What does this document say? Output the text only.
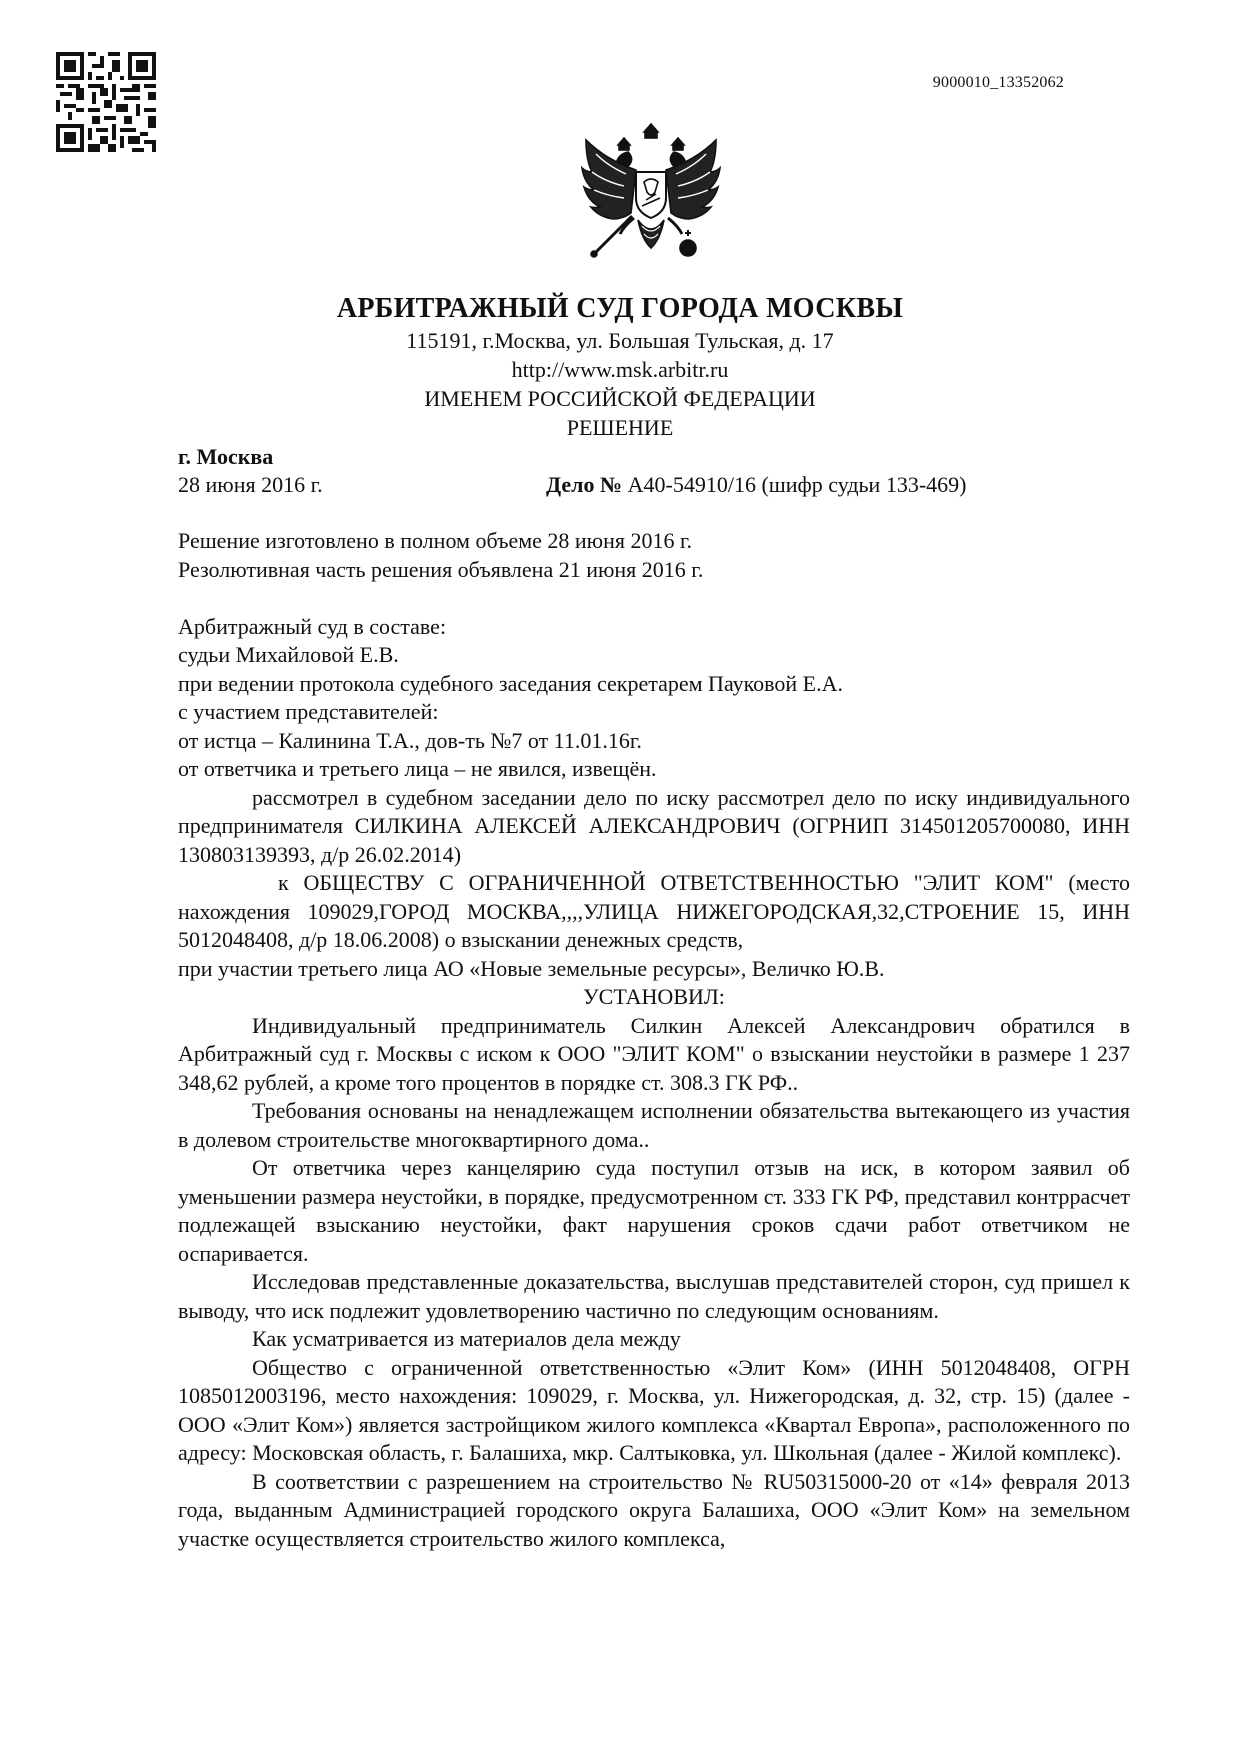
9000010_13352062
АРБИТРАЖНЫЙ СУД ГОРОДА МОСКВЫ
115191, г.Москва, ул. Большая Тульская, д. 17
http://www.msk.arbitr.ru
ИМЕНЕМ РОССИЙСКОЙ ФЕДЕРАЦИИ
РЕШЕНИЕ
г. Москва
28 июня 2016 г.	Дело № А40-54910/16 (шифр судьи 133-469)

Решение изготовлено в полном объеме 28 июня 2016 г.

Резолютивная часть решения объявлена 21 июня 2016 г.

Арбитражный суд в составе:

судьи Михайловой Е.В.

при ведении протокола судебного заседания секретарем Пауковой Е.А.

с участием представителей:

от истца – Калинина Т.А., дов-ть №7 от 11.01.16г.

от ответчика и третьего лица – не явился, извещён.

рассмотрел в судебном заседании дело по иску рассмотрел дело по иску индивидуального предпринимателя СИЛКИНА АЛЕКСЕЙ АЛЕКСАНДРОВИЧ (ОГРНИП 314501205700080, ИНН 130803139393, д/р 26.02.2014)

к ОБЩЕСТВУ С ОГРАНИЧЕННОЙ ОТВЕТСТВЕННОСТЬЮ "ЭЛИТ КОМ" (место нахождения 109029,ГОРОД МОСКВА,,,,УЛИЦА НИЖЕГОРОДСКАЯ,32,СТРОЕНИЕ 15, ИНН 5012048408, д/р 18.06.2008) о взыскании денежных средств,

при участии третьего лица АО «Новые земельные ресурсы», Величко Ю.В.

УСТАНОВИЛ:

Индивидуальный предприниматель Силкин Алексей Александрович обратился в Арбитражный суд г. Москвы с иском к ООО "ЭЛИТ КОМ" о взыскании неустойки в размере 1 237 348,62 рублей, а кроме того процентов в порядке ст. 308.3 ГК РФ..

Требования основаны на ненадлежащем исполнении обязательства вытекающего из участия в долевом строительстве многоквартирного дома..

От ответчика через канцелярию суда поступил отзыв на иск, в котором заявил об уменьшении размера неустойки, в порядке, предусмотренном ст. 333 ГК РФ, представил контррасчет подлежащей взысканию неустойки, факт нарушения сроков сдачи работ ответчиком не оспаривается.

Исследовав представленные доказательства, выслушав представителей сторон, суд пришел к выводу, что иск подлежит удовлетворению частично по следующим основаниям.

Как усматривается из материалов дела между

Общество с ограниченной ответственностью «Элит Ком» (ИНН 5012048408, ОГРН 1085012003196, место нахождения: 109029, г. Москва, ул. Нижегородская, д. 32, стр. 15) (далее - ООО «Элит Ком») является застройщиком жилого комплекса «Квартал Европа», расположенного по адресу: Московская область, г. Балашиха, мкр. Салтыковка, ул. Школьная (далее - Жилой комплекс).

В соответствии с разрешением на строительство № RU50315000-20 от «14» февраля 2013 года, выданным Администрацией городского округа Балашиха, ООО «Элит Ком» на земельном участке осуществляется строительство жилого комплекса,
